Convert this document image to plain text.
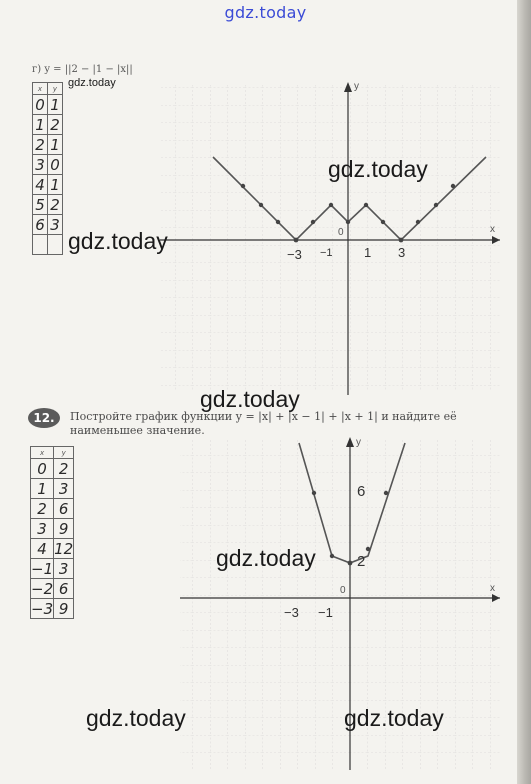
gdz.today
г) y = ||2 − |1 − |x||
x	y
0	1
1	2
2	1
3	0
4	1
5	2
6	3

y
x
0
−3 −1 1 3
12.	Постройте график функции y = |x| + |x − 1| + |x + 1| и найдите её наименьшее значение.
x	y
0	2
1	3
2	6
3	9
4	12
−1	3
−2	6
−3	9
y
x
0
−3 −1
6
2
gdz.today
gdz.today
gdz.today
gdz.today
gdz.today
gdz.today	gdz.today
